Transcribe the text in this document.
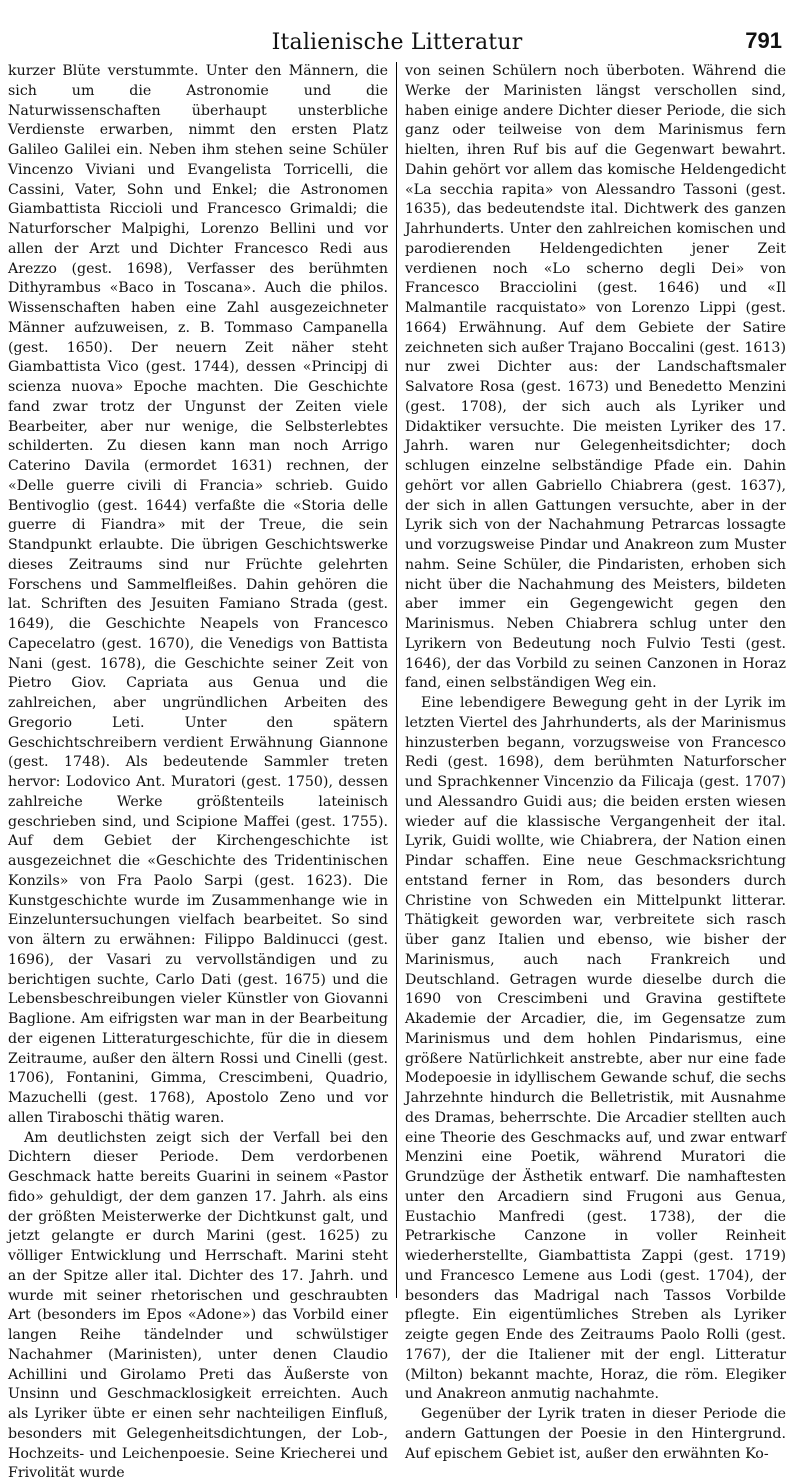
Italienische Litteratur	791

kurzer Blüte verstummte. Unter den Männern, die sich um die Astronomie und die Naturwissenschaften überhaupt unsterbliche Verdienste erwarben, nimmt den ersten Platz Galileo Galilei ein. Neben ihm stehen seine Schüler Vincenzo Viviani und Evangelista Torricelli, die Cassini, Vater, Sohn und Enkel; die Astronomen Giambattista Riccioli und Francesco Grimaldi; die Naturforscher Malpighi, Lorenzo Bellini und vor allen der Arzt und Dichter Francesco Redi aus Arezzo (gest. 1698), Verfasser des berühmten Dithyrambus «Baco in Toscana». Auch die philos. Wissenschaften haben eine Zahl ausgezeichneter Männer aufzuweisen, z. B. Tommaso Campanella (gest. 1650). Der neuern Zeit näher steht Giambattista Vico (gest. 1744), dessen «Principj di scienza nuova» Epoche machten. Die Geschichte fand zwar trotz der Ungunst der Zeiten viele Bearbeiter, aber nur wenige, die Selbsterlebtes schilderten. Zu diesen kann man noch Arrigo Caterino Davila (ermordet 1631) rechnen, der «Delle guerre civili di Francia» schrieb. Guido Bentivoglio (gest. 1644) verfaßte die «Storia delle guerre di Fiandra» mit der Treue, die sein Standpunkt erlaubte. Die übrigen Geschichtswerke dieses Zeitraums sind nur Früchte gelehrten Forschens und Sammelfleißes. Dahin gehören die lat. Schriften des Jesuiten Famiano Strada (gest. 1649), die Geschichte Neapels von Francesco Capecelatro (gest. 1670), die Venedigs von Battista Nani (gest. 1678), die Geschichte seiner Zeit von Pietro Giov. Capriata aus Genua und die zahlreichen, aber ungründlichen Arbeiten des Gregorio Leti. Unter den spätern Geschichtschreibern verdient Erwähnung Giannone (gest. 1748). Als bedeutende Sammler treten hervor: Lodovico Ant. Muratori (gest. 1750), dessen zahlreiche Werke größtenteils lateinisch geschrieben sind, und Scipione Maffei (gest. 1755). Auf dem Gebiet der Kirchengeschichte ist ausgezeichnet die «Geschichte des Tridentinischen Konzils» von Fra Paolo Sarpi (gest. 1623). Die Kunstgeschichte wurde im Zusammenhange wie in Einzeluntersuchungen vielfach bearbeitet. So sind von ältern zu erwähnen: Filippo Baldinucci (gest. 1696), der Vasari zu vervollständigen und zu berichtigen suchte, Carlo Dati (gest. 1675) und die Lebensbeschreibungen vieler Künstler von Giovanni Baglione. Am eifrigsten war man in der Bearbeitung der eigenen Litteraturgeschichte, für die in diesem Zeitraume, außer den ältern Rossi und Cinelli (gest. 1706), Fontanini, Gimma, Crescimbeni, Quadrio, Mazuchelli (gest. 1768), Apostolo Zeno und vor allen Tiraboschi thätig waren.

Am deutlichsten zeigt sich der Verfall bei den Dichtern dieser Periode. Dem verdorbenen Geschmack hatte bereits Guarini in seinem «Pastor fido» gehuldigt, der dem ganzen 17. Jahrh. als eins der größten Meisterwerke der Dichtkunst galt, und jetzt gelangte er durch Marini (gest. 1625) zu völliger Entwicklung und Herrschaft. Marini steht an der Spitze aller ital. Dichter des 17. Jahrh. und wurde mit seiner rhetorischen und geschraubten Art (besonders im Epos «Adone») das Vorbild einer langen Reihe tändelnder und schwülstiger Nachahmer (Marinisten), unter denen Claudio Achillini und Girolamo Preti das Äußerste von Unsinn und Geschmacklosigkeit erreichten. Auch als Lyriker übte er einen sehr nachteiligen Einfluß, besonders mit Gelegenheitsdichtungen, der Lob-, Hochzeits- und Leichenpoesie. Seine Kriecherei und Frivolität wurde

von seinen Schülern noch überboten. Während die Werke der Marinisten längst verschollen sind, haben einige andere Dichter dieser Periode, die sich ganz oder teilweise von dem Marinismus fern hielten, ihren Ruf bis auf die Gegenwart bewahrt. Dahin gehört vor allem das komische Heldengedicht «La secchia rapita» von Alessandro Tassoni (gest. 1635), das bedeutendste ital. Dichtwerk des ganzen Jahrhunderts. Unter den zahlreichen komischen und parodierenden Heldengedichten jener Zeit verdienen noch «Lo scherno degli Dei» von Francesco Bracciolini (gest. 1646) und «Il Malmantile racquistato» von Lorenzo Lippi (gest. 1664) Erwähnung. Auf dem Gebiete der Satire zeichneten sich außer Trajano Boccalini (gest. 1613) nur zwei Dichter aus: der Landschaftsmaler Salvatore Rosa (gest. 1673) und Benedetto Menzini (gest. 1708), der sich auch als Lyriker und Didaktiker versuchte. Die meisten Lyriker des 17. Jahrh. waren nur Gelegenheitsdichter; doch schlugen einzelne selbständige Pfade ein. Dahin gehört vor allen Gabriello Chiabrera (gest. 1637), der sich in allen Gattungen versuchte, aber in der Lyrik sich von der Nachahmung Petrarcas lossagte und vorzugsweise Pindar und Anakreon zum Muster nahm. Seine Schüler, die Pindaristen, erhoben sich nicht über die Nachahmung des Meisters, bildeten aber immer ein Gegengewicht gegen den Marinismus. Neben Chiabrera schlug unter den Lyrikern von Bedeutung noch Fulvio Testi (gest. 1646), der das Vorbild zu seinen Canzonen in Horaz fand, einen selbständigen Weg ein.

Eine lebendigere Bewegung geht in der Lyrik im letzten Viertel des Jahrhunderts, als der Marinismus hinzusterben begann, vorzugsweise von Francesco Redi (gest. 1698), dem berühmten Naturforscher und Sprachkenner Vincenzio da Filicaja (gest. 1707) und Alessandro Guidi aus; die beiden ersten wiesen wieder auf die klassische Vergangenheit der ital. Lyrik, Guidi wollte, wie Chiabrera, der Nation einen Pindar schaffen. Eine neue Geschmacksrichtung entstand ferner in Rom, das besonders durch Christine von Schweden ein Mittelpunkt litterar. Thätigkeit geworden war, verbreitete sich rasch über ganz Italien und ebenso, wie bisher der Marinismus, auch nach Frankreich und Deutschland. Getragen wurde dieselbe durch die 1690 von Crescimbeni und Gravina gestiftete Akademie der Arcadier, die, im Gegensatze zum Marinismus und dem hohlen Pindarismus, eine größere Natürlichkeit anstrebte, aber nur eine fade Modepoesie in idyllischem Gewande schuf, die sechs Jahrzehnte hindurch die Belletristik, mit Ausnahme des Dramas, beherrschte. Die Arcadier stellten auch eine Theorie des Geschmacks auf, und zwar entwarf Menzini eine Poetik, während Muratori die Grundzüge der Ästhetik entwarf. Die namhaftesten unter den Arcadiern sind Frugoni aus Genua, Eustachio Manfredi (gest. 1738), der die Petrarkische Canzone in voller Reinheit wiederherstellte, Giambattista Zappi (gest. 1719) und Francesco Lemene aus Lodi (gest. 1704), der besonders das Madrigal nach Tassos Vorbilde pflegte. Ein eigentümliches Streben als Lyriker zeigte gegen Ende des Zeitraums Paolo Rolli (gest. 1767), der die Italiener mit der engl. Litteratur (Milton) bekannt machte, Horaz, die röm. Elegiker und Anakreon anmutig nachahmte.

Gegenüber der Lyrik traten in dieser Periode die andern Gattungen der Poesie in den Hintergrund. Auf epischem Gebiet ist, außer den erwähnten Ko-
